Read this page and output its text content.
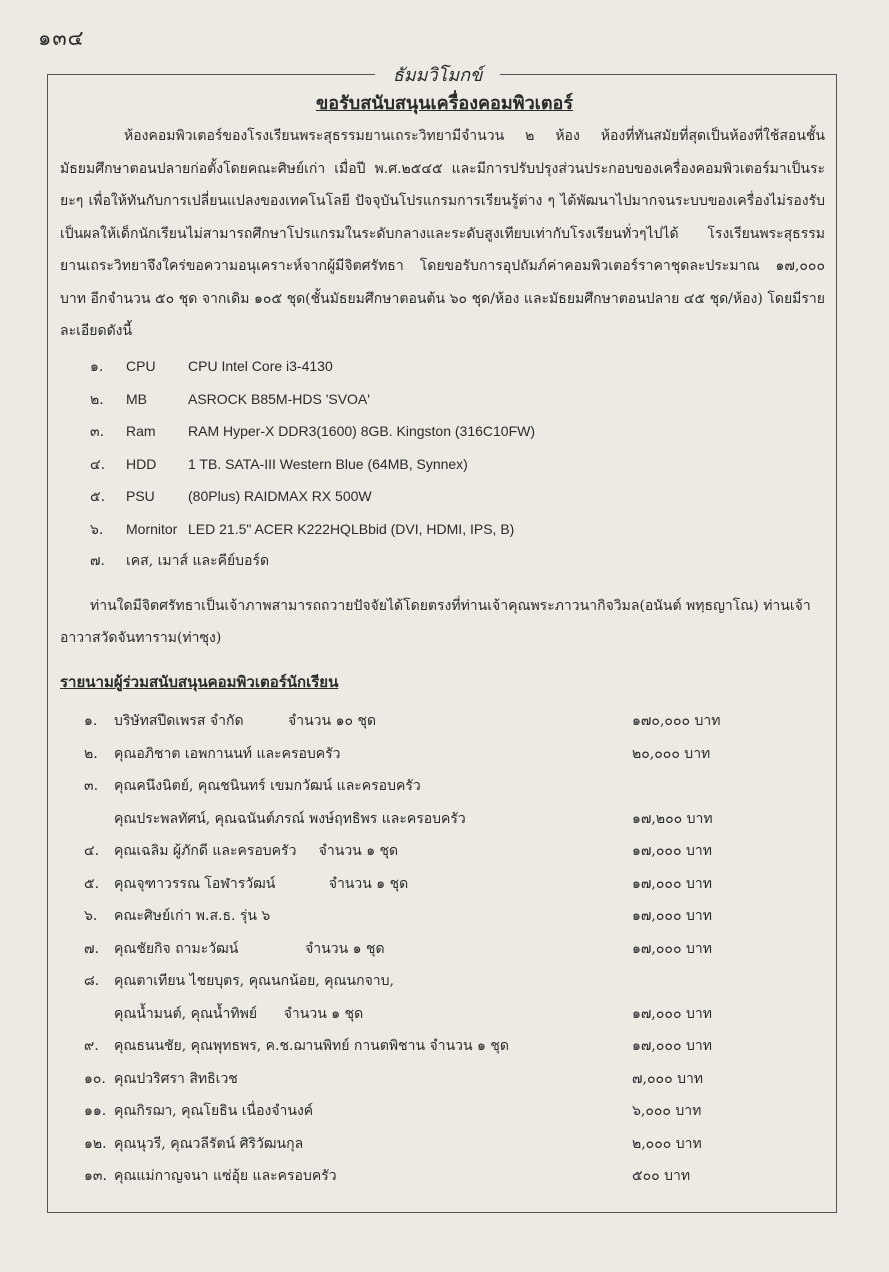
๑๓๔
ธัมมวิโมกข์
ขอรับสนับสนุนเครื่องคอมพิวเตอร์

ห้องคอมพิวเตอร์ของโรงเรียนพระสุธรรมยานเถระวิทยามีจำนวน ๒ ห้อง ห้องที่ทันสมัยที่สุดเป็นห้องที่ใช้สอนชั้นมัธยมศึกษาตอนปลายก่อตั้งโดยคณะศิษย์เก่า เมื่อปี พ.ศ.๒๕๔๕ และมีการปรับปรุงส่วนประกอบของเครื่องคอมพิวเตอร์มาเป็นระยะๆ เพื่อให้ทันกับการเปลี่ยนแปลงของเทคโนโลยี ปัจจุบันโปรแกรมการเรียนรู้ต่าง ๆ ได้พัฒนาไปมากจนระบบของเครื่องไม่รองรับ เป็นผลให้เด็กนักเรียนไม่สามารถศึกษาโปรแกรมในระดับกลางและระดับสูงเทียบเท่ากับโรงเรียนทั่วๆไปได้ โรงเรียนพระสุธรรมยานเถระวิทยาจึงใคร่ขอความอนุเคราะห์จากผู้มีจิตศรัทธา โดยขอรับการอุปถัมภ์ค่าคอมพิวเตอร์ราคาชุดละประมาณ ๑๗,๐๐๐ บาท อีกจำนวน ๕๐ ชุด จากเดิม ๑๐๕ ชุด(ชั้นมัธยมศึกษาตอนต้น ๖๐ ชุด/ห้อง และมัธยมศึกษาตอนปลาย ๔๕ ชุด/ห้อง) โดยมีรายละเอียดดังนี้

๑. CPU CPU Intel Core i3-4130
๒. MB	ASROCK B85M-HDS 'SVOA'
๓. Ram RAM Hyper-X DDR3(1600) 8GB. Kingston (316C10FW)
๔. HDD 1 TB. SATA-III Western Blue (64MB, Synnex)
๕. PSU (80Plus) RAIDMAX RX 500W
๖. Mornitor LED 21.5" ACER K222HQLBbid (DVI, HDMI, IPS, B)
๗. เคส, เมาส์ และคีย์บอร์ด

ท่านใดมีจิตศรัทธาเป็นเจ้าภาพสามารถถวายปัจจัยได้โดยตรงที่ท่านเจ้าคุณพระภาวนากิจวิมล(อนันต์ พทฺธญาโณ) ท่านเจ้าอาวาสวัดจันทาราม(ท่าซุง)

รายนามผู้ร่วมสนับสนุนคอมพิวเตอร์นักเรียน
๑. บริษัทสปีดเพรส จำกัด          จำนวน ๑๐ ชุด	๑๗๐,๐๐๐ บาท
๒. คุณอภิชาต เอพกานนท์ และครอบครัว	๒๐,๐๐๐ บาท
๓. คุณคนึงนิตย์, คุณชนินทร์ เขมกวัฒน์ และครอบครัว
คุณประพลทัศน์, คุณฉนันต์ภรณ์ พงษ์ฤทธิพร และครอบครัว	๑๗,๒๐๐ บาท
๔. คุณเฉลิม ผู้ภักดี และครอบครัว     จำนวน ๑ ชุด	๑๗,๐๐๐ บาท
๕. คุณจุฑาวรรณ โอฬารวัฒน์            จำนวน ๑ ชุด	๑๗,๐๐๐ บาท
๖. คณะศิษย์เก่า พ.ส.ธ. รุ่น ๖	๑๗,๐๐๐ บาท
๗. คุณชัยกิจ ถามะวัฒน์               จำนวน ๑ ชุด	๑๗,๐๐๐ บาท
๘. คุณตาเทียน ไชยบุตร, คุณนกน้อย, คุณนกจาบ,
คุณน้ำมนต์, คุณน้ำทิพย์      จำนวน ๑ ชุด	๑๗,๐๐๐ บาท
๙. คุณธนนชัย, คุณพุทธพร, ค.ช.ฌานพิทย์ กานตพิชาน จำนวน ๑ ชุด	๑๗,๐๐๐ บาท
๑๐. คุณปวริศรา สิทธิเวช	๗,๐๐๐ บาท
๑๑. คุณกิรฌา, คุณโยธิน เนื่องจำนงค์	๖,๐๐๐ บาท
๑๒. คุณนุวรี, คุณวลีรัตน์ ศิริวัฒนกุล	๒,๐๐๐ บาท
๑๓. คุณแม่กาญจนา แซ่อุ้ย และครอบครัว	๕๐๐ บาท
